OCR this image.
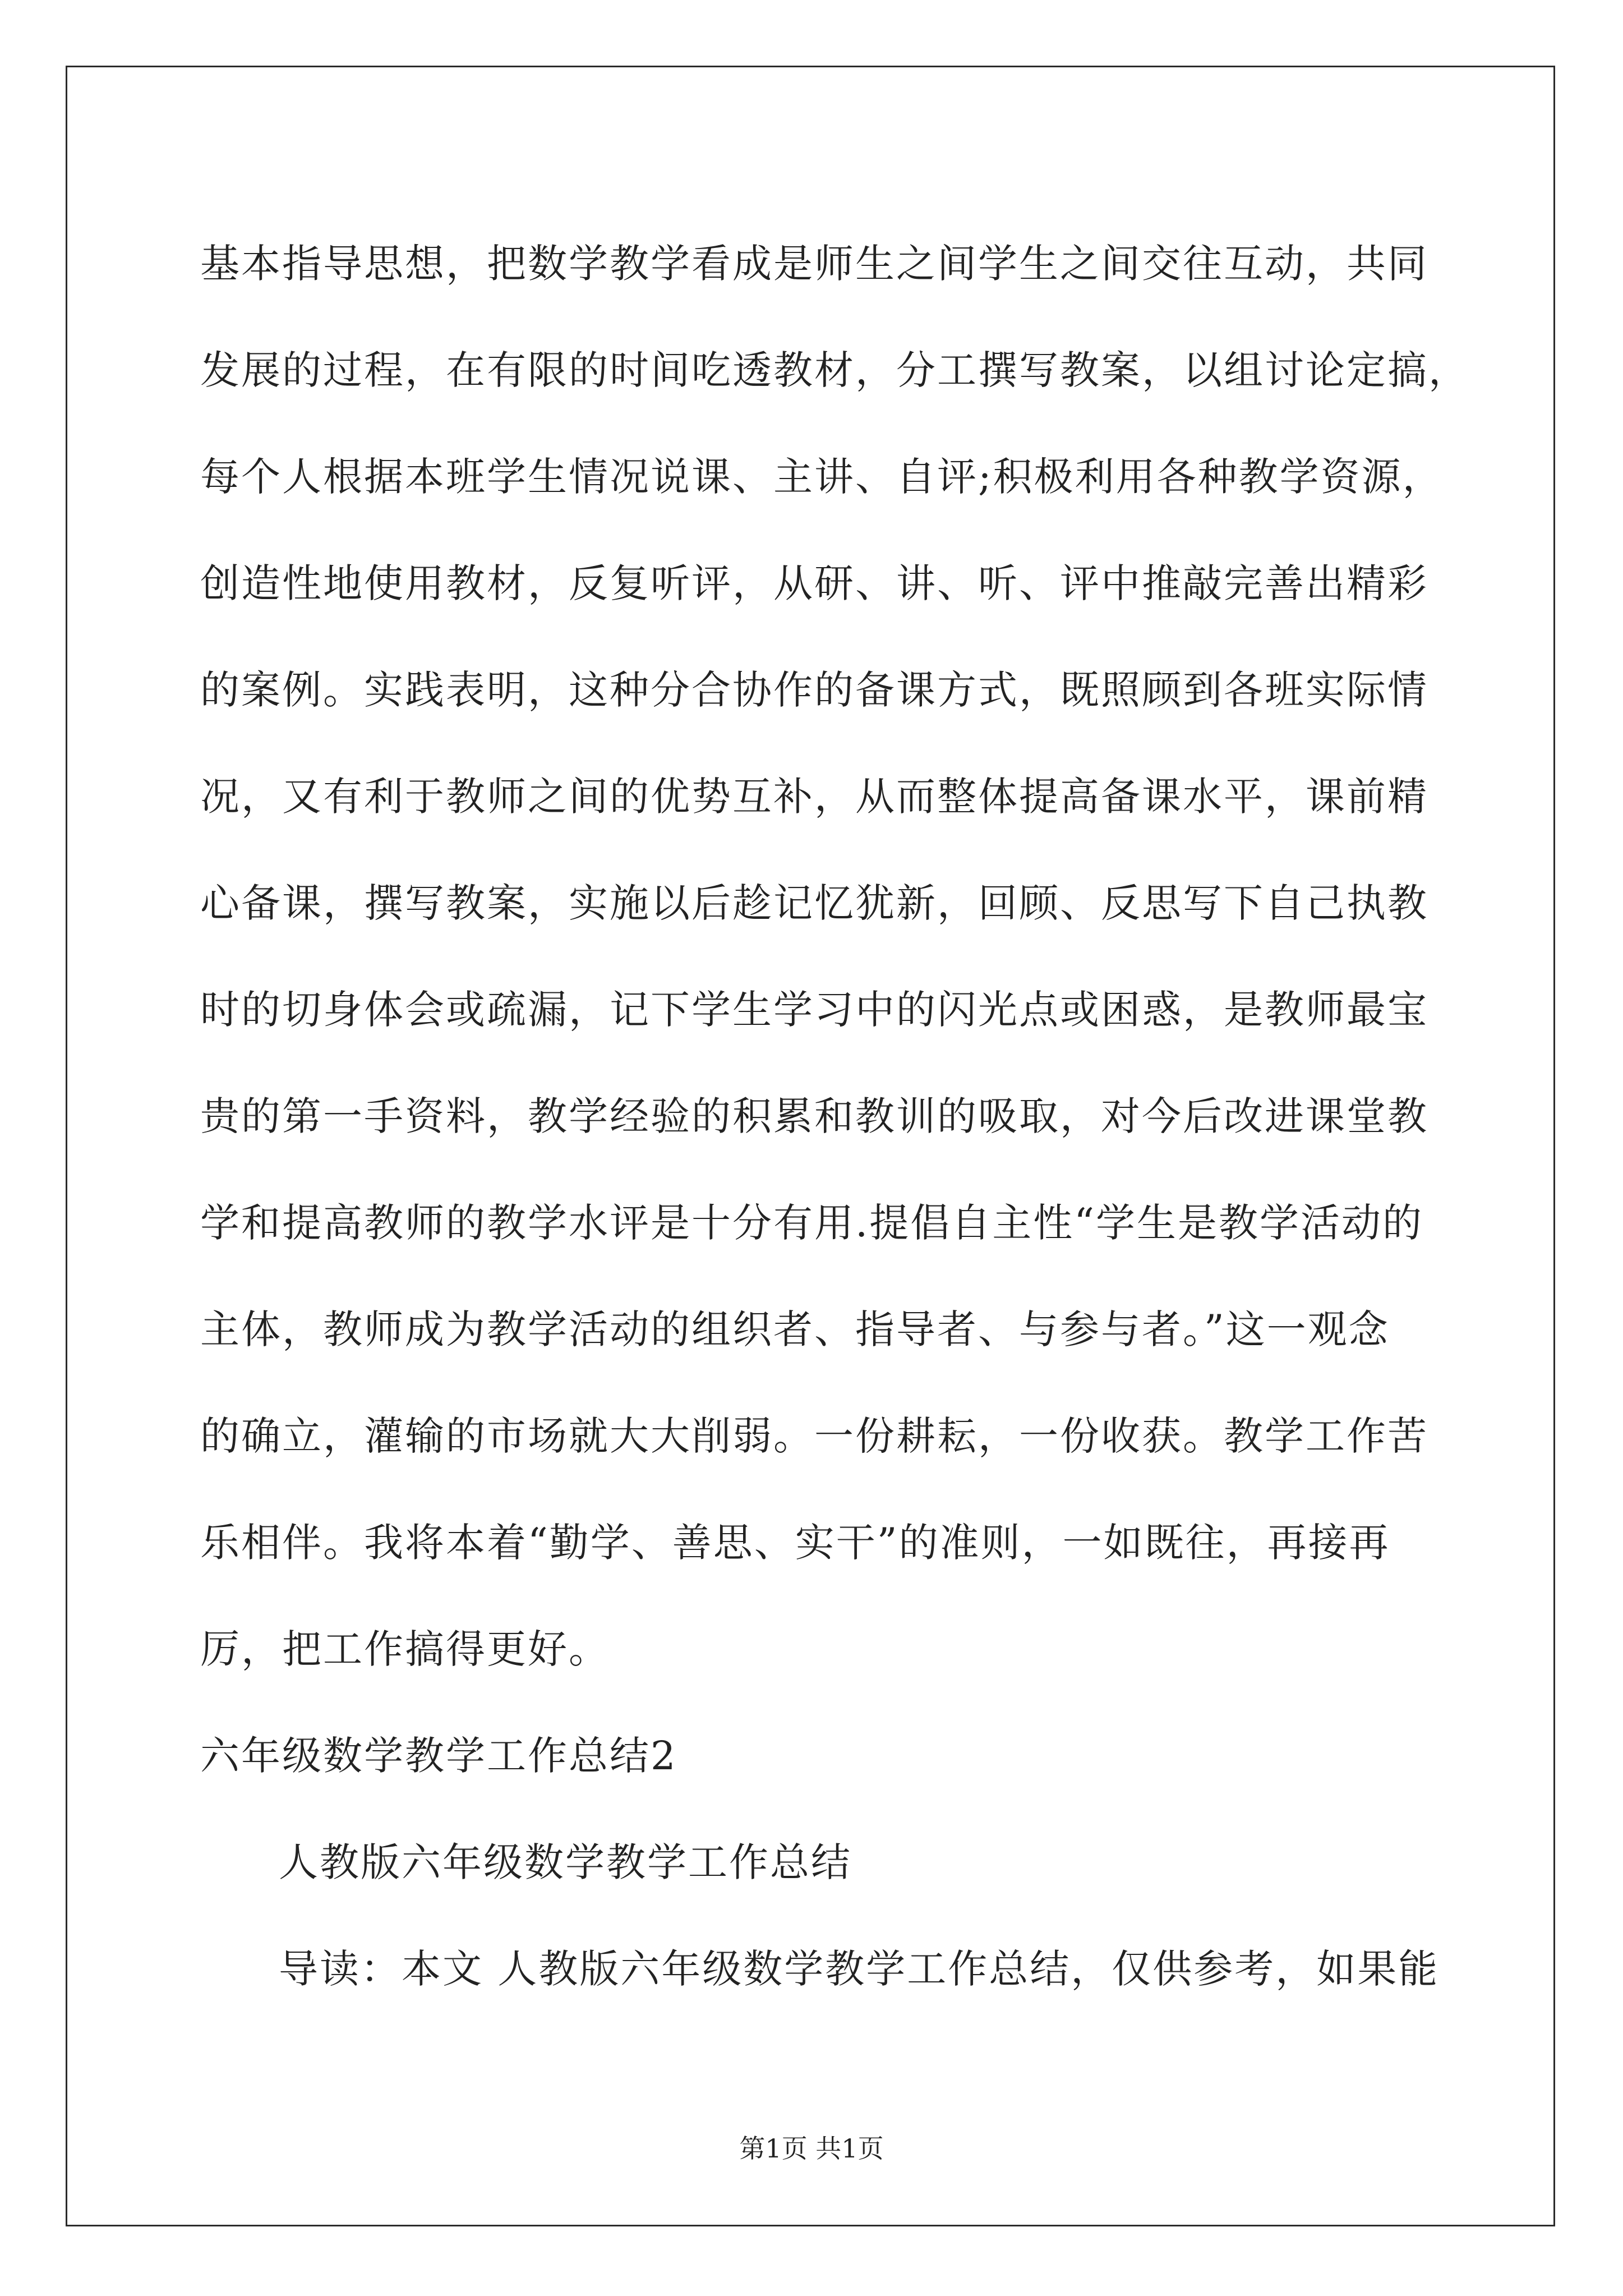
基本指导思想，把数学教学看成是师生之间学生之间交往互动，共同
发展的过程，在有限的时间吃透教材，分工撰写教案，以组讨论定搞，
每个人根据本班学生情况说课、主讲、自评;积极利用各种教学资源，
创造性地使用教材，反复听评，从研、讲、听、评中推敲完善出精彩
的案例。实践表明，这种分合协作的备课方式，既照顾到各班实际情
况，又有利于教师之间的优势互补，从而整体提高备课水平，课前精
心备课，撰写教案，实施以后趁记忆犹新，回顾、反思写下自己执教
时的切身体会或疏漏，记下学生学习中的闪光点或困惑，是教师最宝
贵的第一手资料，教学经验的积累和教训的吸取，对今后改进课堂教
学和提高教师的教学水评是十分有用.提倡自主性“学生是教学活动的
主体，教师成为教学活动的组织者、指导者、与参与者。”这一观念
的确立，灌输的市场就大大削弱。一份耕耘，一份收获。教学工作苦
乐相伴。我将本着“勤学、善思、实干”的准则，一如既往，再接再
厉，把工作搞得更好。
六年级数学教学工作总结2
人教版六年级数学教学工作总结
导读：本文 人教版六年级数学教学工作总结，仅供参考，如果能
第1页 共1页
